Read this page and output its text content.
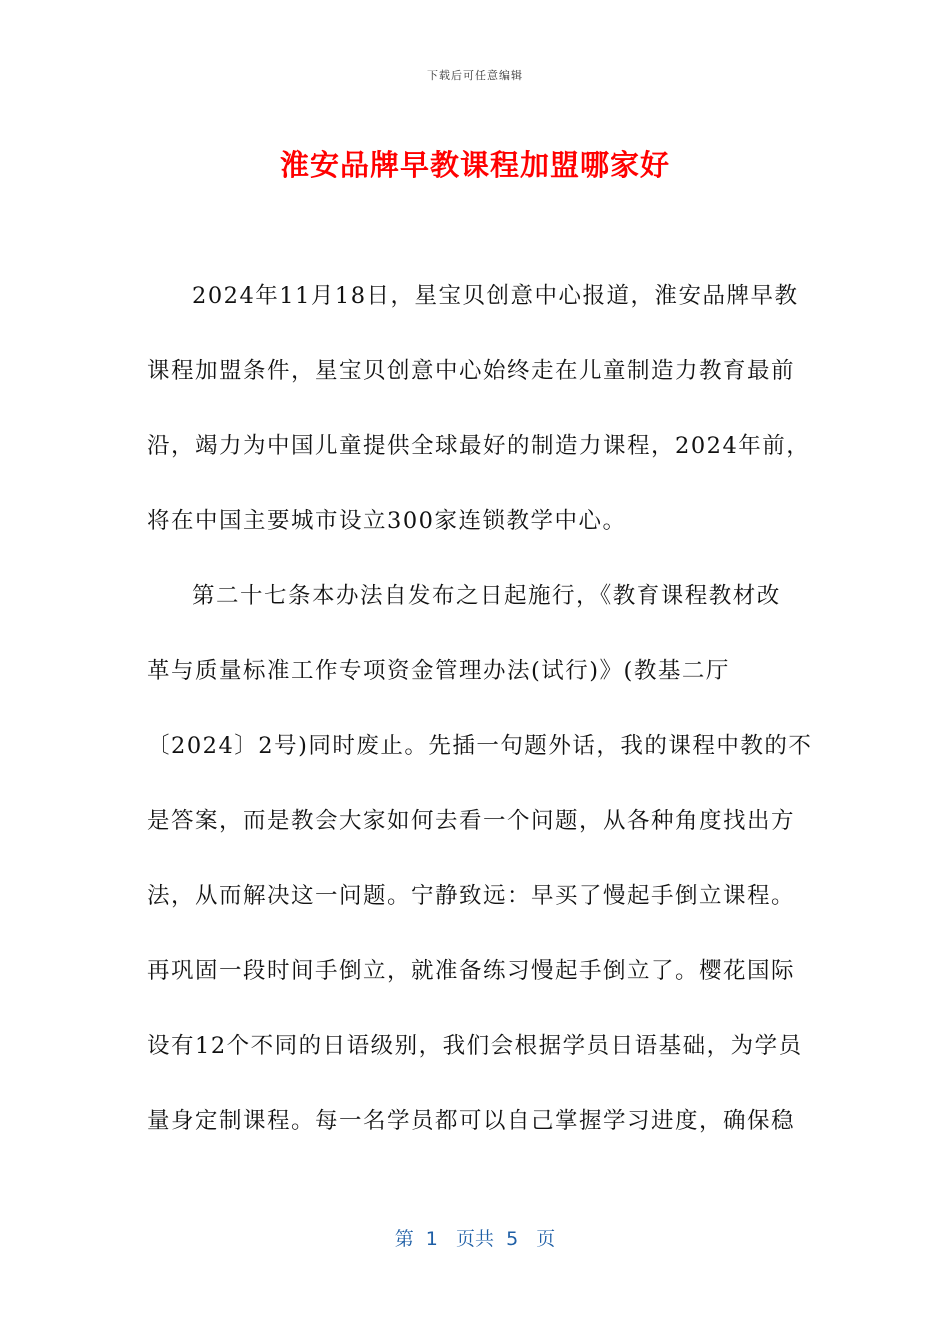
下载后可任意编辑
淮安品牌早教课程加盟哪家好
2024年11月18日，星宝贝创意中心报道，淮安品牌早教
课程加盟条件，星宝贝创意中心始终走在儿童制造力教育最前
沿，竭力为中国儿童提供全球最好的制造力课程，2024年前，
将在中国主要城市设立300家连锁教学中心。
第二十七条本办法自发布之日起施行，《教育课程教材改
革与质量标准工作专项资金管理办法(试行)》(教基二厅
〔2024〕2号)同时废止。先插一句题外话，我的课程中教的不
是答案，而是教会大家如何去看一个问题，从各种角度找出方
法，从而解决这一问题。宁静致远：早买了慢起手倒立课程。
再巩固一段时间手倒立，就准备练习慢起手倒立了。樱花国际
设有12个不同的日语级别，我们会根据学员日语基础，为学员
量身定制课程。每一名学员都可以自己掌握学习进度，确保稳
第  1   页共  5   页
